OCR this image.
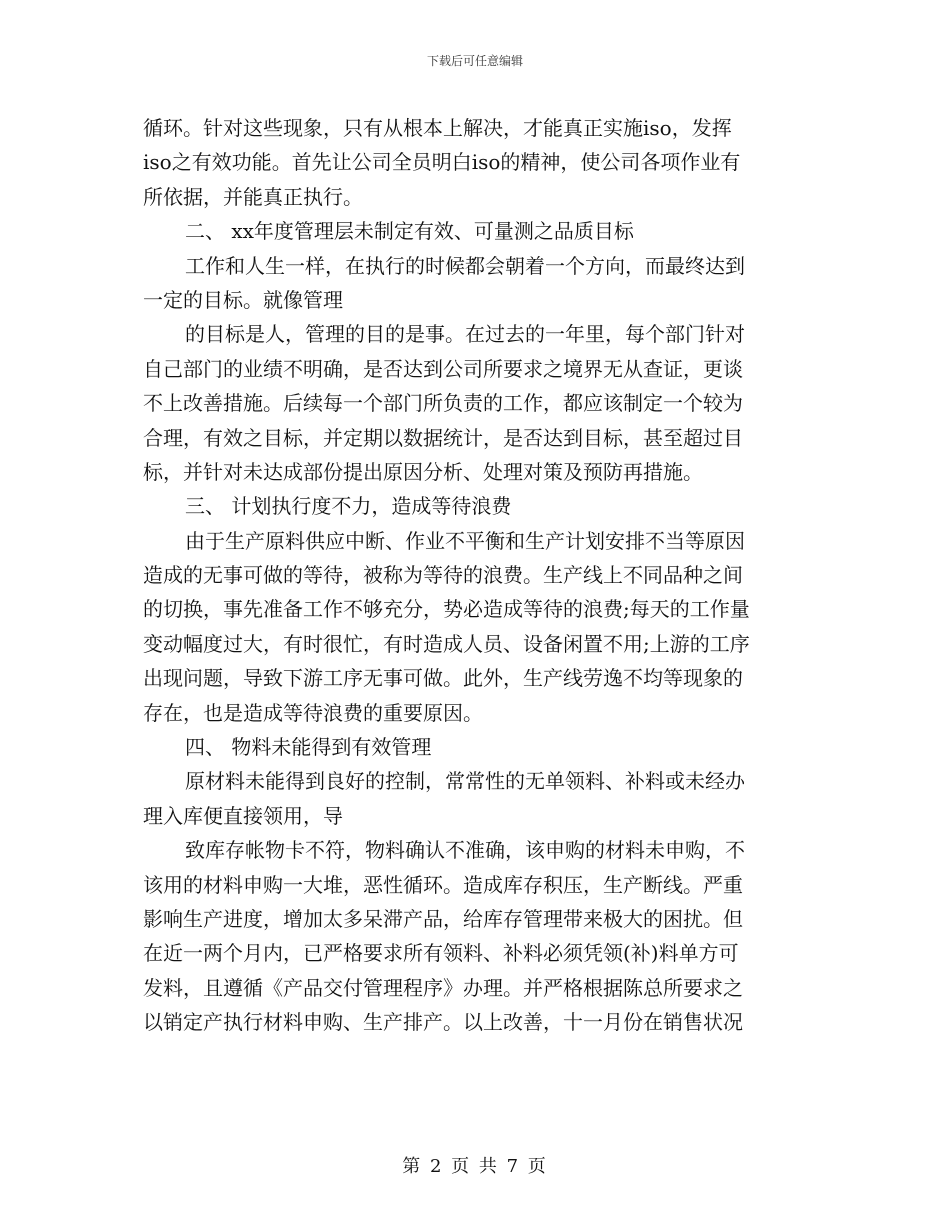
下载后可任意编辑
循环。针对这些现象，只有从根本上解决，才能真正实施iso，发挥
iso之有效功能。首先让公司全员明白iso的精神，使公司各项作业有
所依据，并能真正执行。
二、 xx年度管理层未制定有效、可量测之品质目标
工作和人生一样，在执行的时候都会朝着一个方向，而最终达到
一定的目标。就像管理
的目标是人，管理的目的是事。在过去的一年里，每个部门针对
自己部门的业绩不明确，是否达到公司所要求之境界无从查证，更谈
不上改善措施。后续每一个部门所负责的工作，都应该制定一个较为
合理，有效之目标，并定期以数据统计，是否达到目标，甚至超过目
标，并针对未达成部份提出原因分析、处理对策及预防再措施。
三、 计划执行度不力，造成等待浪费
由于生产原料供应中断、作业不平衡和生产计划安排不当等原因
造成的无事可做的等待，被称为等待的浪费。生产线上不同品种之间
的切换，事先准备工作不够充分，势必造成等待的浪费;每天的工作量
变动幅度过大，有时很忙，有时造成人员、设备闲置不用;上游的工序
出现问题，导致下游工序无事可做。此外，生产线劳逸不均等现象的
存在，也是造成等待浪费的重要原因。
四、 物料未能得到有效管理
原材料未能得到良好的控制，常常性的无单领料、补料或未经办
理入库便直接领用，导
致库存帐物卡不符，物料确认不准确，该申购的材料未申购，不
该用的材料申购一大堆，恶性循环。造成库存积压，生产断线。严重
影响生产进度，增加太多呆滞产品，给库存管理带来极大的困扰。但
在近一两个月内，已严格要求所有领料、补料必须凭领(补)料单方可
发料，且遵循《产品交付管理程序》办理。并严格根据陈总所要求之
以销定产执行材料申购、生产排产。以上改善，十一月份在销售状况
第 2 页 共 7 页
